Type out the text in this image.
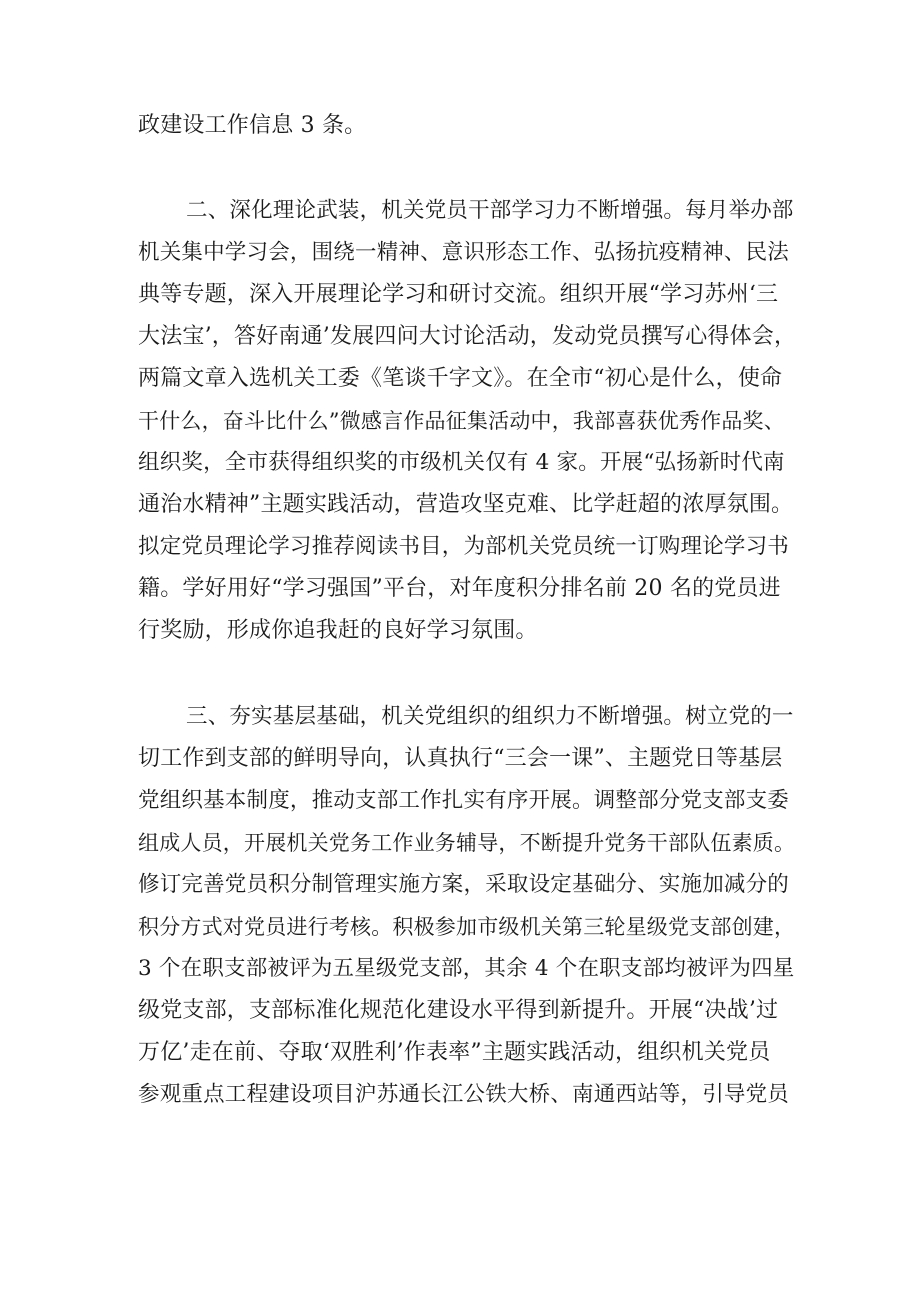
政建设工作信息 3 条。
二、深化理论武装，机关党员干部学习力不断增强。每月举办部
机关集中学习会，围绕一精神、意识形态工作、弘扬抗疫精神、民法
典等专题，深入开展理论学习和研讨交流。组织开展“学习苏州‘三
大法宝’，答好南通’发展四问大讨论活动，发动党员撰写心得体会，
两篇文章入选机关工委《笔谈千字文》。在全市“初心是什么，使命
干什么，奋斗比什么”微感言作品征集活动中，我部喜获优秀作品奖、
组织奖，全市获得组织奖的市级机关仅有 4 家。开展“弘扬新时代南
通治水精神”主题实践活动，营造攻坚克难、比学赶超的浓厚氛围。
拟定党员理论学习推荐阅读书目，为部机关党员统一订购理论学习书
籍。学好用好“学习强国”平台，对年度积分排名前 20 名的党员进
行奖励，形成你追我赶的良好学习氛围。
三、夯实基层基础，机关党组织的组织力不断增强。树立党的一
切工作到支部的鲜明导向，认真执行“三会一课”、主题党日等基层
党组织基本制度，推动支部工作扎实有序开展。调整部分党支部支委
组成人员，开展机关党务工作业务辅导，不断提升党务干部队伍素质。
修订完善党员积分制管理实施方案，采取设定基础分、实施加减分的
积分方式对党员进行考核。积极参加市级机关第三轮星级党支部创建，
3 个在职支部被评为五星级党支部，其余 4 个在职支部均被评为四星
级党支部，支部标准化规范化建设水平得到新提升。开展“决战’过
万亿’走在前、夺取‘双胜利’作表率”主题实践活动，组织机关党员
参观重点工程建设项目沪苏通长江公铁大桥、南通西站等，引导党员
